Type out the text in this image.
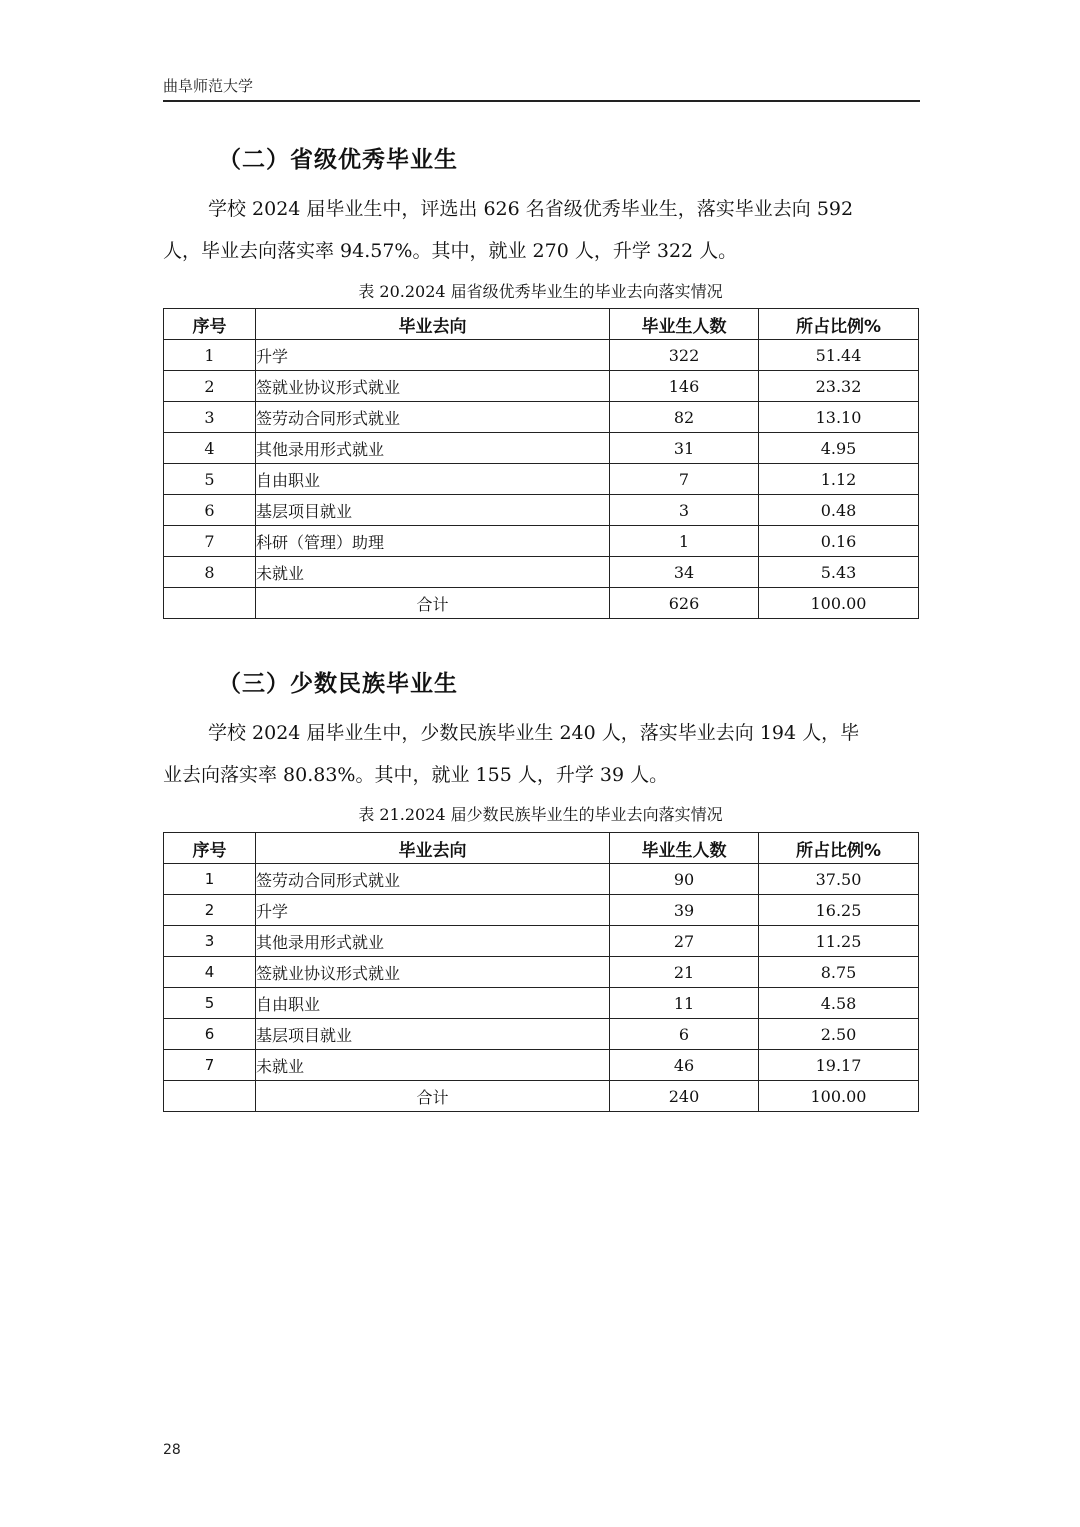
曲阜师范大学
（二）省级优秀毕业生

学校 2024 届毕业生中，评选出 626 名省级优秀毕业生，落实毕业去向 592
人，毕业去向落实率 94.57%。其中，就业 270 人，升学 322 人。

表 20.2024 届省级优秀毕业生的毕业去向落实情况

序号	毕业去向	毕业生人数	所占比例%
1	升学	322	51.44
2	签就业协议形式就业	146	23.32
3	签劳动合同形式就业	82	13.10
4	其他录用形式就业	31	4.95
5	自由职业	7	1.12
6	基层项目就业	3	0.48
7	科研（管理）助理	1	0.16
8	未就业	34	5.43
	合计	626	100.00
（三）少数民族毕业生

学校 2024 届毕业生中，少数民族毕业生 240 人，落实毕业去向 194 人，毕
业去向落实率 80.83%。其中，就业 155 人，升学 39 人。

表 21.2024 届少数民族毕业生的毕业去向落实情况

序号	毕业去向	毕业生人数	所占比例%
1	签劳动合同形式就业	90	37.50
2	升学	39	16.25
3	其他录用形式就业	27	11.25
4	签就业协议形式就业	21	8.75
5	自由职业	11	4.58
6	基层项目就业	6	2.50
7	未就业	46	19.17
	合计	240	100.00
28
